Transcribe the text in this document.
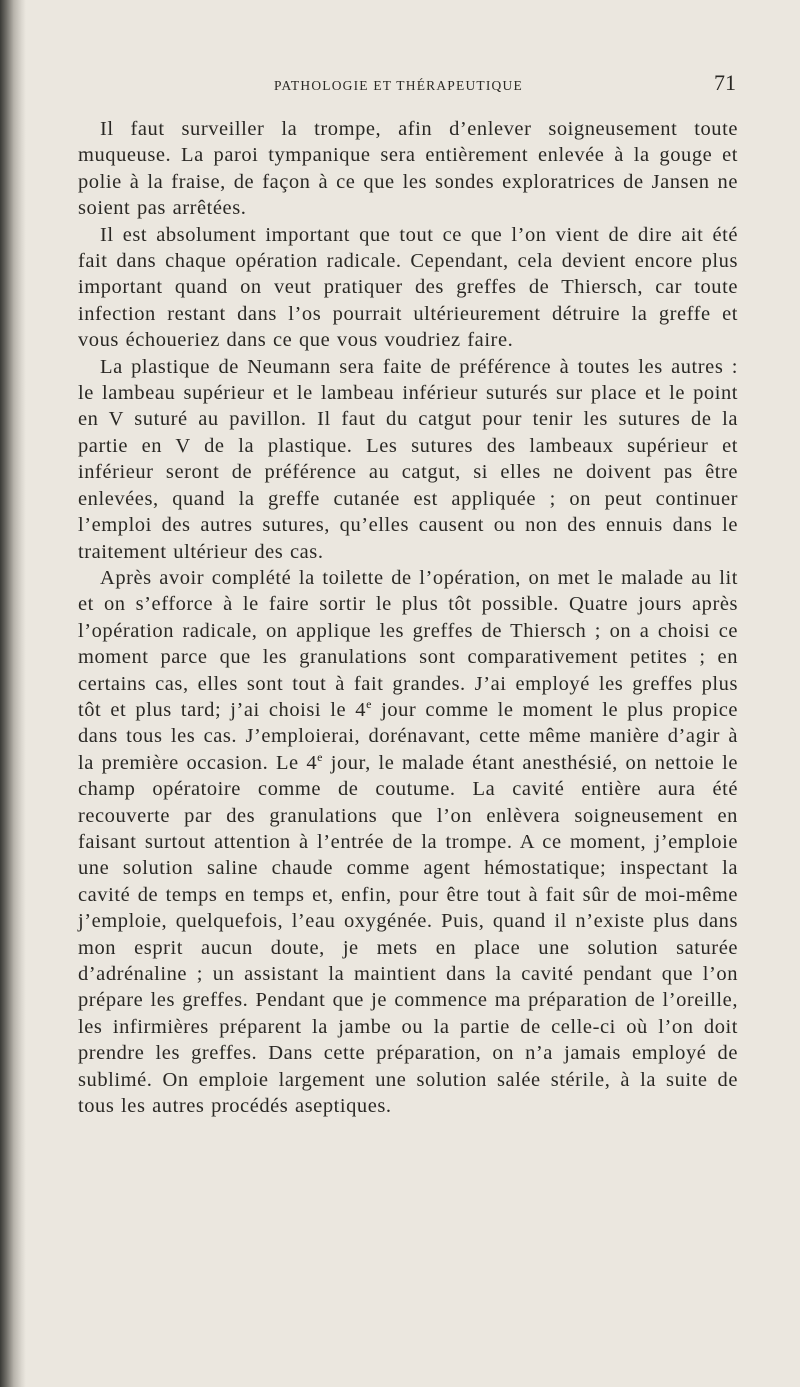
PATHOLOGIE ET THÉRAPEUTIQUE	71

Il faut surveiller la trompe, afin d’enlever soigneusement toute muqueuse. La paroi tympanique sera entièrement enlevée à la gouge et polie à la fraise, de façon à ce que les sondes exploratrices de Jansen ne soient pas arrêtées.

Il est absolument important que tout ce que l’on vient de dire ait été fait dans chaque opération radicale. Cependant, cela devient encore plus important quand on veut pratiquer des greffes de Thiersch, car toute infection restant dans l’os pourrait ultérieurement détruire la greffe et vous échoueriez dans ce que vous voudriez faire.

La plastique de Neumann sera faite de préférence à toutes les autres : le lambeau supérieur et le lambeau inférieur suturés sur place et le point en V suturé au pavillon. Il faut du catgut pour tenir les sutures de la partie en V de la plastique. Les sutures des lambeaux supérieur et inférieur seront de préférence au catgut, si elles ne doivent pas être enlevées, quand la greffe cutanée est appliquée ; on peut continuer l’emploi des autres sutures, qu’elles causent ou non des ennuis dans le traitement ultérieur des cas.

Après avoir complété la toilette de l’opération, on met le malade au lit et on s’efforce à le faire sortir le plus tôt possible. Quatre jours après l’opération radicale, on applique les greffes de Thiersch ; on a choisi ce moment parce que les granulations sont comparativement petites ; en certains cas, elles sont tout à fait grandes. J’ai employé les greffes plus tôt et plus tard; j’ai choisi le 4e jour comme le moment le plus propice dans tous les cas. J’emploierai, dorénavant, cette même manière d’agir à la première occasion. Le 4e jour, le malade étant anesthésié, on nettoie le champ opératoire comme de coutume. La cavité entière aura été recouverte par des granulations que l’on enlèvera soigneusement en faisant surtout attention à l’entrée de la trompe. A ce moment, j’emploie une solution saline chaude comme agent hémostatique; inspectant la cavité de temps en temps et, enfin, pour être tout à fait sûr de moi-même j’emploie, quelquefois, l’eau oxygénée. Puis, quand il n’existe plus dans mon esprit aucun doute, je mets en place une solution saturée d’adrénaline ; un assistant la maintient dans la cavité pendant que l’on prépare les greffes. Pendant que je commence ma préparation de l’oreille, les infirmières préparent la jambe ou la partie de celle-ci où l’on doit prendre les greffes. Dans cette préparation, on n’a jamais employé de sublimé. On emploie largement une solution salée stérile, à la suite de tous les autres procédés aseptiques.
